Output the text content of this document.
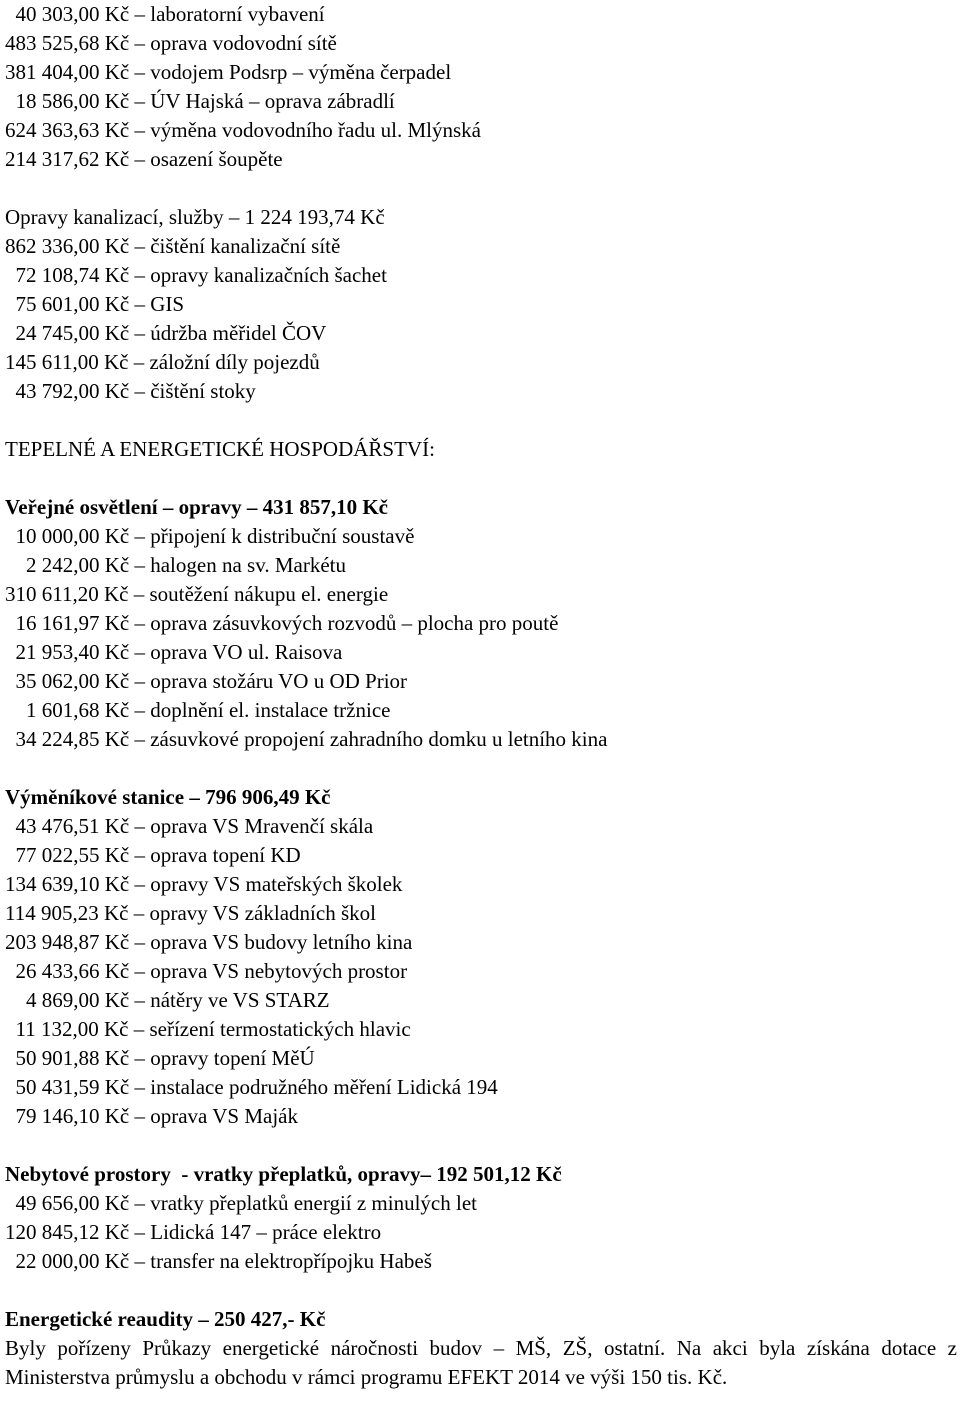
Byly pořízeny Průkazy energetické náročnosti budov – MŠ, ZŠ, ostatní. Na akci byla získána dotace z Ministerstva průmyslu a obchodu v rámci programu EFEKT 2014 ve výši 150 tis. Kč.

40 303,00 Kč – laboratorní vybavení
483 525,68 Kč – oprava vodovodní sítě
381 404,00 Kč – vodojem Podsrp – výměna čerpadel
18 586,00 Kč – ÚV Hajská – oprava zábradlí
624 363,63 Kč – výměna vodovodního řadu ul. Mlýnská
214 317,62 Kč – osazení šoupěte
Opravy kanalizací, služby – 1 224 193,74 Kč
862 336,00 Kč – čištění kanalizační sítě
72 108,74 Kč – opravy kanalizačních šachet
75 601,00 Kč – GIS
24 745,00 Kč – údržba měřidel ČOV
145 611,00 Kč – záložní díly pojezdů
43 792,00 Kč – čištění stoky
TEPELNÉ A ENERGETICKÉ HOSPODÁŘSTVÍ:
Veřejné osvětlení – opravy – 431 857,10 Kč
10 000,00 Kč – připojení k distribuční soustavě
2 242,00 Kč – halogen na sv. Markétu
310 611,20 Kč – soutěžení nákupu el. energie
16 161,97 Kč – oprava zásuvkových rozvodů – plocha pro poutě
21 953,40 Kč – oprava VO ul. Raisova
35 062,00 Kč – oprava stožáru VO u OD Prior
1 601,68 Kč – doplnění el. instalace tržnice
34 224,85 Kč – zásuvkové propojení zahradního domku u letního kina
Výměníkové stanice – 796 906,49 Kč
43 476,51 Kč – oprava VS Mravenčí skála
77 022,55 Kč – oprava topení KD
134 639,10 Kč – opravy VS mateřských školek
114 905,23 Kč – opravy VS základních škol
203 948,87 Kč – oprava VS budovy letního kina
26 433,66 Kč – oprava VS nebytových prostor
4 869,00 Kč – nátěry ve VS STARZ
11 132,00 Kč – seřízení termostatických hlavic
50 901,88 Kč – opravy topení MěÚ
50 431,59 Kč – instalace podružného měření Lidická 194
79 146,10 Kč – oprava VS Maják
Nebytové prostory  - vratky přeplatků, opravy– 192 501,12 Kč
49 656,00 Kč – vratky přeplatků energií z minulých let
120 845,12 Kč – Lidická 147 – práce elektro
22 000,00 Kč – transfer na elektropřípojku Habeš
Energetické reaudity – 250 427,- Kč
